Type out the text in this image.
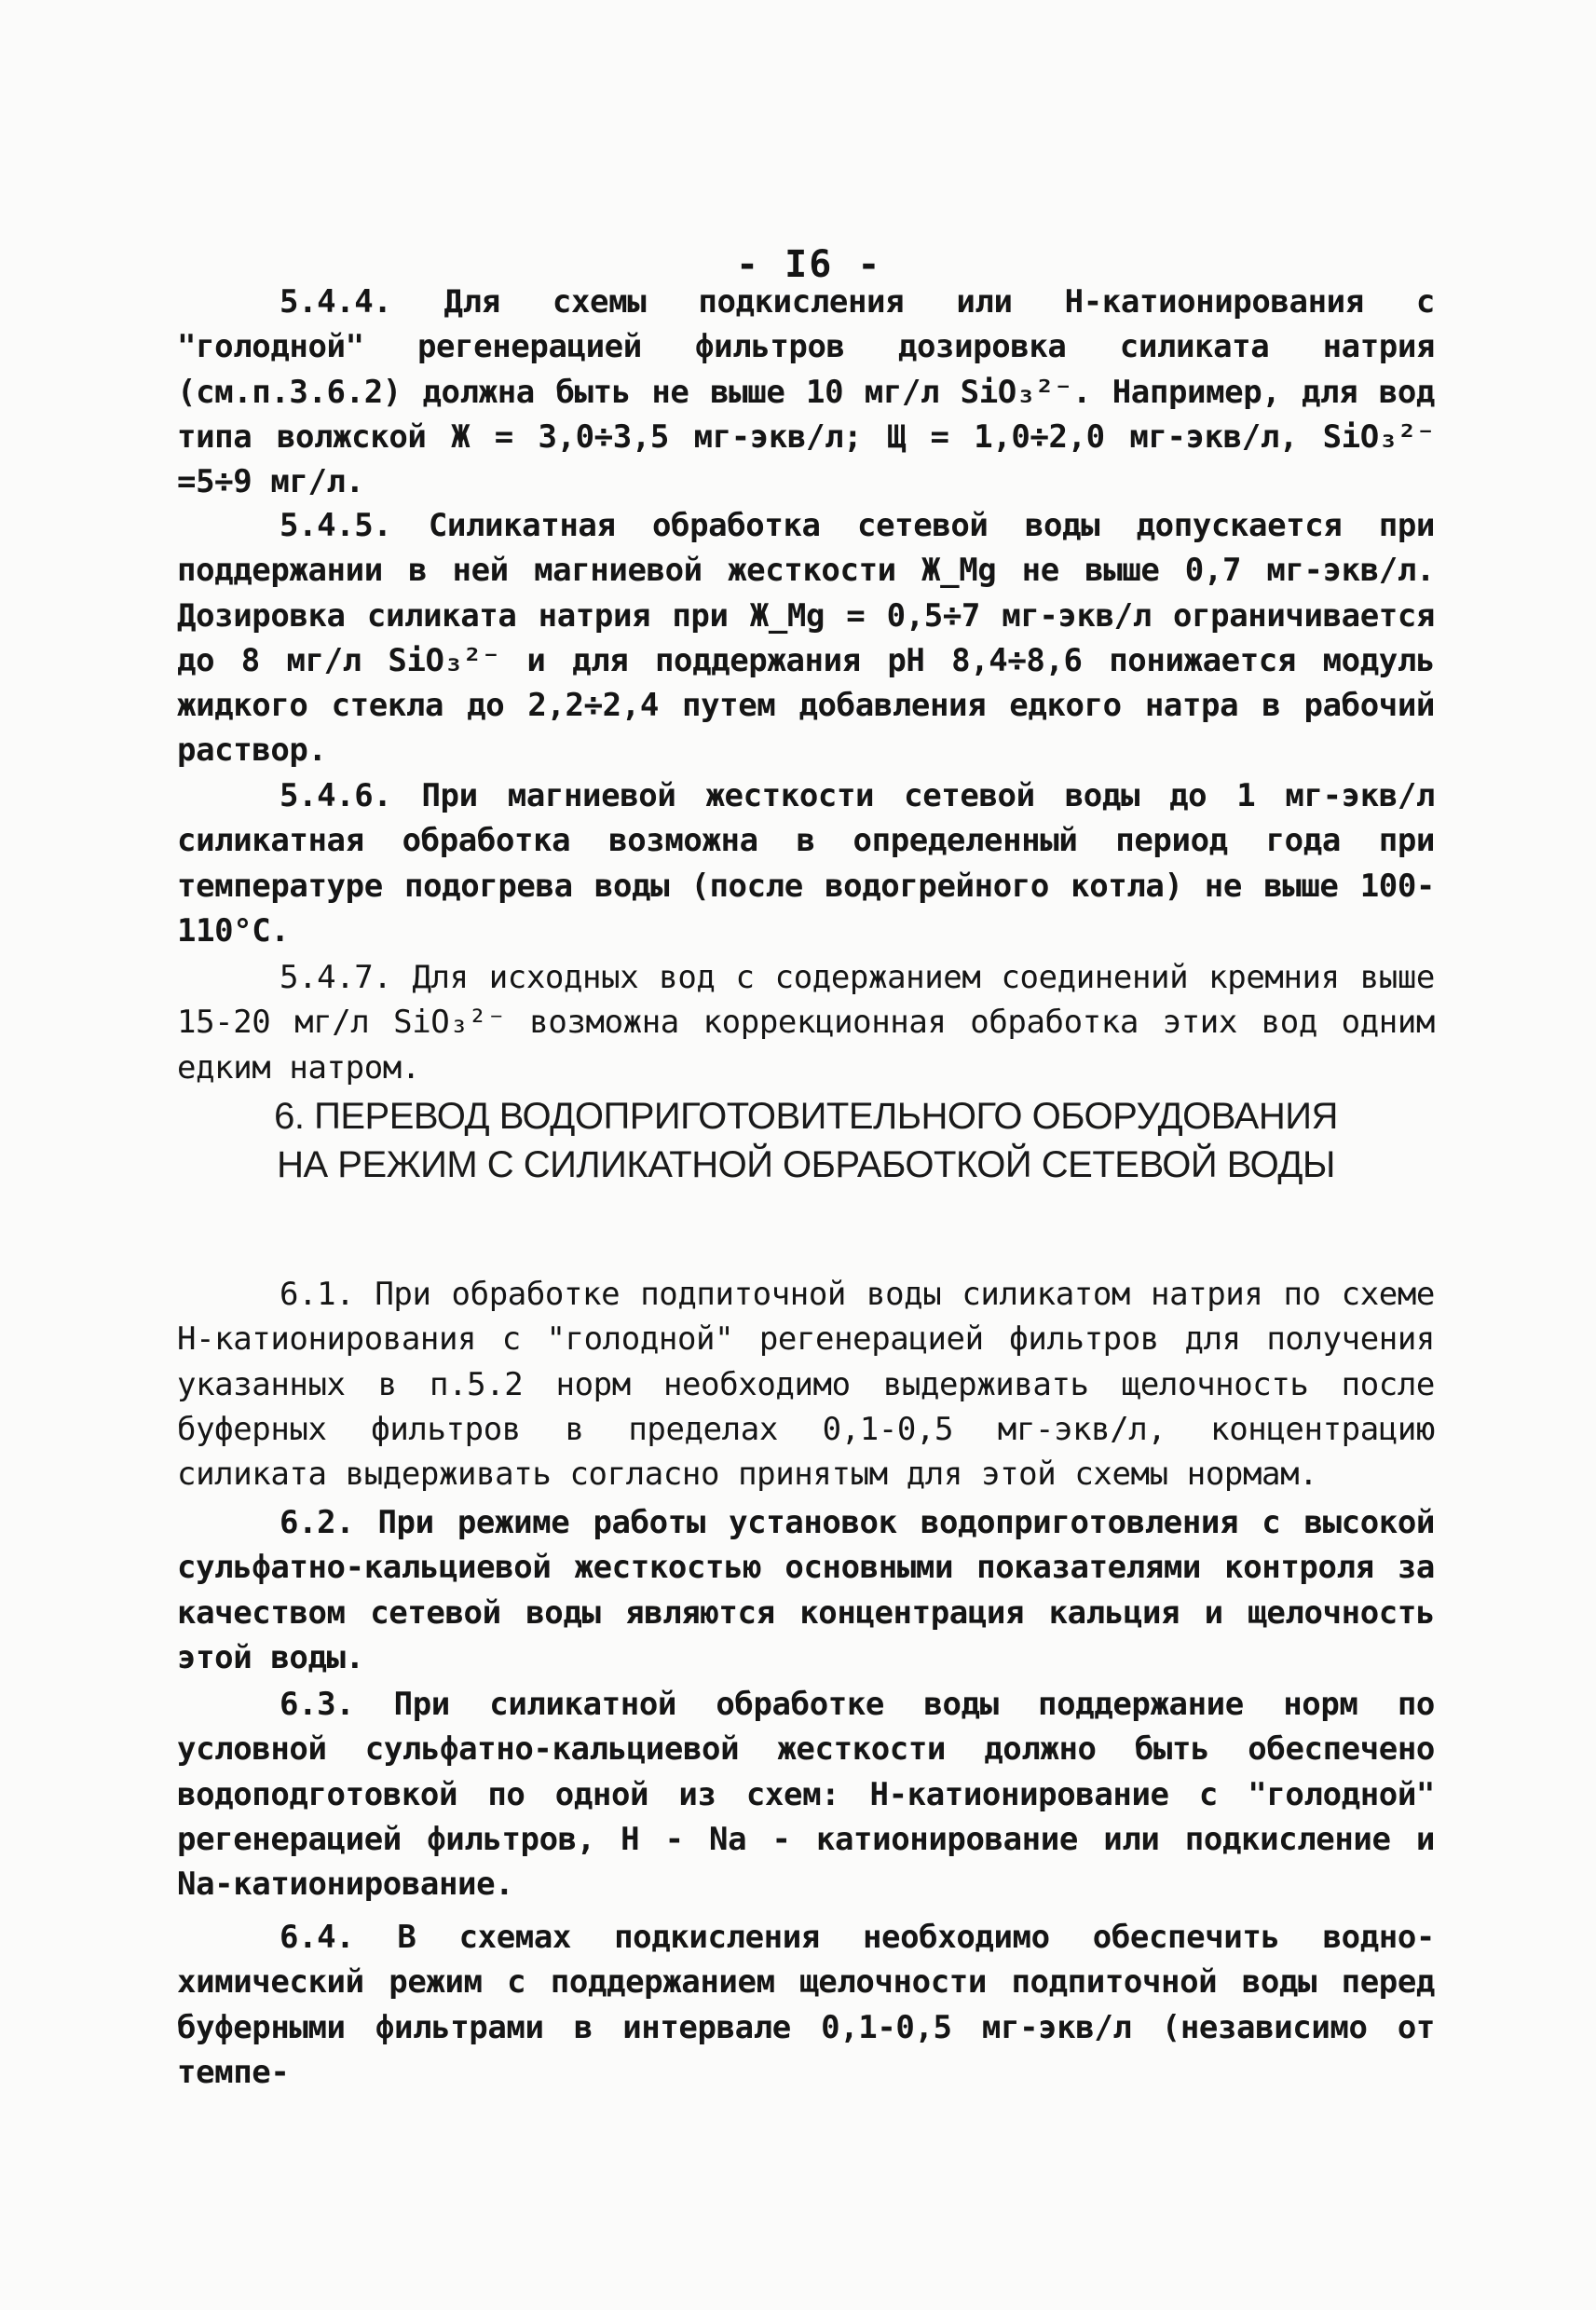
- I6 -

5.4.4. Для схемы подкисления или Н-катионирования с "голодной" регенерацией фильтров дозировка силиката натрия (см.п.3.6.2) должна быть не выше 10 мг/л SiO₃²⁻. Например, для вод типа волжской Ж = 3,0÷3,5 мг-экв/л; Щ = 1,0÷2,0 мг-экв/л, SiO₃²⁻ =5÷9 мг/л.

5.4.5. Силикатная обработка сетевой воды допускается при поддержании в ней магниевой жесткости Ж_Mg не выше 0,7 мг-экв/л. Дозировка силиката натрия при Ж_Mg = 0,5÷7 мг-экв/л ограничивается до 8 мг/л SiO₃²⁻ и для поддержания pH 8,4÷8,6 понижается модуль жидкого стекла до 2,2÷2,4 путем добавления едкого натра в рабочий раствор.

5.4.6. При магниевой жесткости сетевой воды до 1 мг-экв/л силикатная обработка возможна в определенный период года при температуре подогрева воды (после водогрейного котла) не выше 100-110°С.

5.4.7. Для исходных вод с содержанием соединений кремния выше 15-20 мг/л SiO₃²⁻ возможна коррекционная обработка этих вод одним едким натром.

6. ПЕРЕВОД ВОДОПРИГОТОВИТЕЛЬНОГО ОБОРУДОВАНИЯ
НА РЕЖИМ С СИЛИКАТНОЙ ОБРАБОТКОЙ СЕТЕВОЙ ВОДЫ

6.1. При обработке подпиточной воды силикатом натрия по схеме Н-катионирования с "голодной" регенерацией фильтров для получения указанных в п.5.2 норм необходимо выдерживать щелочность после буферных фильтров в пределах 0,1-0,5 мг-экв/л, концентрацию силиката выдерживать согласно принятым для этой схемы нормам.

6.2. При режиме работы установок водоприготовления с высокой сульфатно-кальциевой жесткостью основными показателями контроля за качеством сетевой воды являются концентрация кальция и щелочность этой воды.

6.3. При силикатной обработке воды поддержание норм по условной сульфатно-кальциевой жесткости должно быть обеспечено водоподготовкой по одной из схем: Н-катионирование с "голодной" регенерацией фильтров, Н - Na - катионирование или подкисление и Na-катионирование.

6.4. В схемах подкисления необходимо обеспечить водно-химический режим с поддержанием щелочности подпиточной воды перед буферными фильтрами в интервале 0,1-0,5 мг-экв/л (независимо от темпе-
